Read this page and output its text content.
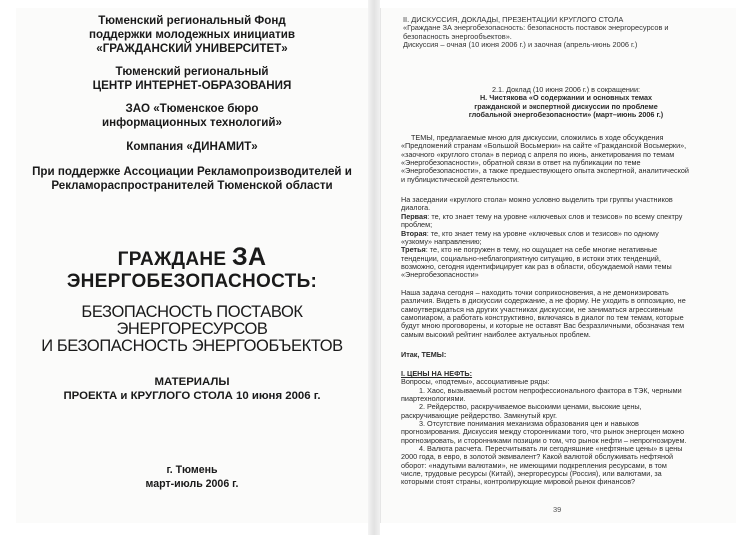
Тюменский региональный Фонд
поддержки молодежных инициатив
«ГРАЖДАНСКИЙ УНИВЕРСИТЕТ»
Тюменский региональный
ЦЕНТР ИНТЕРНЕТ-ОБРАЗОВАНИЯ
ЗАО «Тюменское бюро
информационных технологий»
Компания «ДИНАМИТ»
При поддержке Ассоциации Рекламопроизводителей и
Рекламораспространителей Тюменской области
ГРАЖДАНЕ ЗА
ЭНЕРГОБЕЗОПАСНОСТЬ:
БЕЗОПАСНОСТЬ ПОСТАВОК
ЭНЕРГОРЕСУРСОВ
И БЕЗОПАСНОСТЬ ЭНЕРГООБЪЕКТОВ
МАТЕРИАЛЫ
ПРОЕКТА и КРУГЛОГО СТОЛА 10 июня 2006 г.
г. Тюмень
март-июль 2006 г.
II. ДИСКУССИЯ, ДОКЛАДЫ, ПРЕЗЕНТАЦИИ КРУГЛОГО СТОЛА
«Граждане ЗА энергобезопасность: безопасность поставок энергоресурсов и
безопасность энергообъектов».
Дискуссия – очная (10 июня 2006 г.) и заочная (апрель-июнь 2006 г.)
2.1. Доклад (10 июня 2006 г.) в сокращении:
Н. Чистякова «О содержании и основных темах
гражданской и экспертной дискуссии по проблеме
глобальной энергобезопасности» (март–июнь 2006 г.)
ТЕМЫ, предлагаемые мною для дискуссии, сложились в ходе обсуждения
«Предложений странам «Большой Восьмерки» на сайте «Гражданской Восьмерки»,
«заочного «круглого стола» в период с апреля по июнь, анкетирования по темам
«Энергобезопасности», обратной связи в ответ на публикации по теме
«Энергобезопасности», а также предшествующего опыта экспертной, аналитической
и публицистической деятельности.
На заседании «круглого стола» можно условно выделить три группы участников
диалога.
Первая: те, кто знает тему на уровне «ключевых слов и тезисов» по всему спектру
проблем;
Вторая: те, кто знает тему на уровне «ключевых слов и тезисов» по одному
«узкому» направлению;
Третья: те, кто не погружен в тему, но ощущает на себе многие негативные
тенденции, социально-неблагоприятную ситуацию, в истоки этих тенденций,
возможно, сегодня идентифицирует как раз в области, обсуждаемой нами темы
«Энергобезопасности»
Наша задача сегодня – находить точки соприкосновения, а не демонизировать
различия. Видеть в дискуссии содержание, а не форму. Не уходить в оппозицию, не
самоутверждаться на других участниках дискуссии, не заниматься агрессивным
самопиаром, а работать конструктивно, включаясь в диалог по тем темам, которые
будут мною проговорены, и которые не оставят Вас безразличными, обозначая тем
самым высокий рейтинг наиболее актуальных проблем.
Итак, ТЕМЫ:
I. ЦЕНЫ НА НЕФТЬ:
Вопросы, «подтемы», ассоциативные ряды:
1. Хаос, вызываемый ростом непрофессионального фактора в ТЭК, черными
пиартехнологиями.
2. Рейдерство, раскручиваемое высокими ценами, высокие цены,
раскручивающие рейдерство. Замкнутый круг.
3. Отсутствие понимания механизма образования цен и навыков
прогнозирования. Дискуссия между сторонниками того, что рынок энергоцен можно
прогнозировать, и сторонниками позиции о том, что рынок нефти – непрогнозируем.
4. Валюта расчета. Пересчитывать ли сегодняшние «нефтяные цены» в цены
2000 года, в евро, в золотой эквивалент? Какой валютой обслуживать нефтяной
оборот: «надутыми валютами», не имеющими подкрепления ресурсами, в том
числе, трудовые ресурсы (Китай), энергоресурсы (Россия), или валютами, за
которыми стоят страны, контролирующие мировой рынок финансов?
39
